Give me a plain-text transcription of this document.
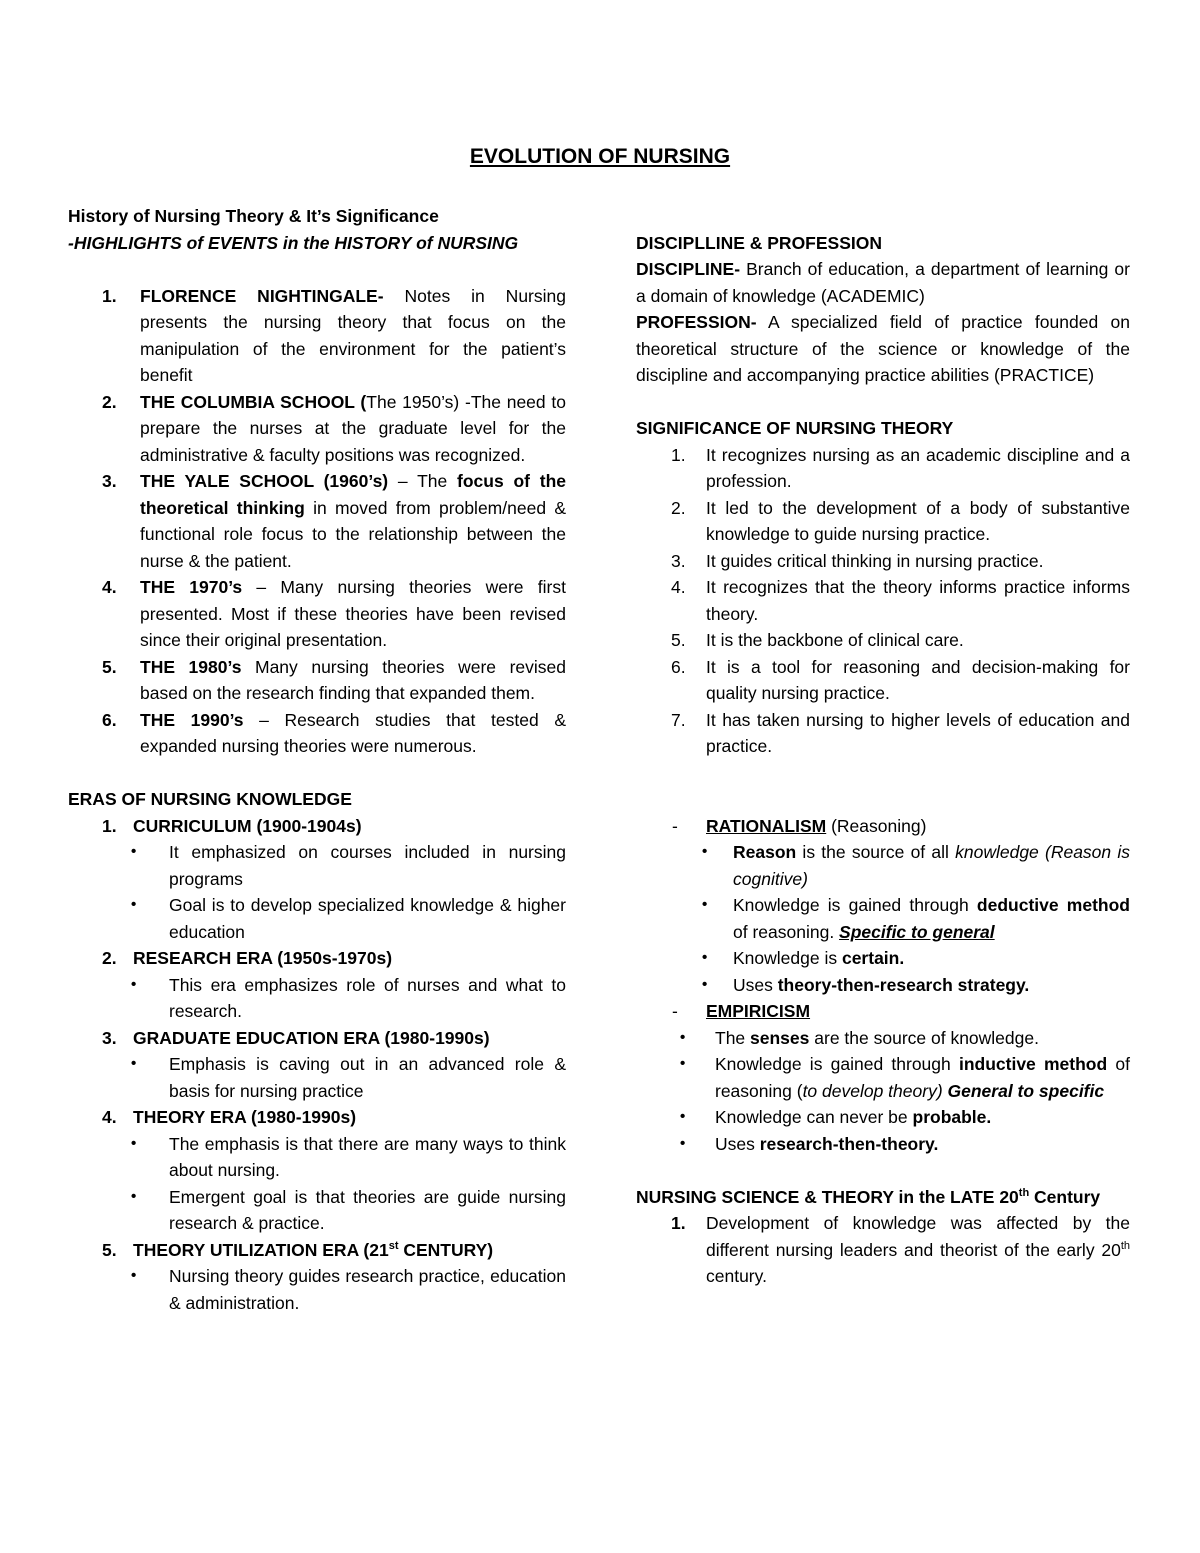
EVOLUTION OF NURSING

History of Nursing Theory & It’s Significance

-HIGHLIGHTS of EVENTS in the HISTORY of NURSING

1. FLORENCE NIGHTINGALE- Notes in Nursing presents the nursing theory that focus on the manipulation of the environment for the patient’s benefit
2. THE COLUMBIA SCHOOL (The 1950’s) -The need to prepare the nurses at the graduate level for the administrative & faculty positions was recognized.
3. THE YALE SCHOOL (1960’s) – The focus of the theoretical thinking in moved from problem/need & functional role focus to the relationship between the nurse & the patient.
4. THE 1970’s – Many nursing theories were first presented. Most if these theories have been revised since their original presentation.
5. THE 1980’s Many nursing theories were revised based on the research finding that expanded them.
6. THE 1990’s – Research studies that tested & expanded nursing theories were numerous.

ERAS OF NURSING KNOWLEDGE

1. CURRICULUM (1900-1904s)
• It emphasized on courses included in nursing programs
• Goal is to develop specialized knowledge & higher education
2. RESEARCH ERA (1950s-1970s)
• This era emphasizes role of nurses and what to research.
3. GRADUATE EDUCATION ERA (1980-1990s)
• Emphasis is caving out in an advanced role & basis for nursing practice
4. THEORY ERA (1980-1990s)
• The emphasis is that there are many ways to think about nursing.
• Emergent goal is that theories are guide nursing research & practice.
5. THEORY UTILIZATION ERA (21st CENTURY)
• Nursing theory guides research practice, education & administration.

DISCIPLLINE & PROFESSION

DISCIPLINE- Branch of education, a department of learning or a domain of knowledge (ACADEMIC)

PROFESSION- A specialized field of practice founded on theoretical structure of the science or knowledge of the discipline and accompanying practice abilities (PRACTICE)

SIGNIFICANCE OF NURSING THEORY

1. It recognizes nursing as an academic discipline and a profession.
2. It led to the development of a body of substantive knowledge to guide nursing practice.
3. It guides critical thinking in nursing practice.
4. It recognizes that the theory informs practice informs theory.
5. It is the backbone of clinical care.
6. It is a tool for reasoning and decision-making for quality nursing practice.
7. It has taken nursing to higher levels of education and practice.
- RATIONALISM (Reasoning)
• Reason is the source of all knowledge (Reason is cognitive)
• Knowledge is gained through deductive method of reasoning. Specific to general
• Knowledge is certain.
• Uses theory-then-research strategy.
- EMPIRICISM
• The senses are the source of knowledge.
• Knowledge is gained through inductive method of reasoning (to develop theory) General to specific
• Knowledge can never be probable.
• Uses research-then-theory.

NURSING SCIENCE & THEORY in the LATE 20th Century

1. Development of knowledge was affected by the different nursing leaders and theorist of the early 20th century.
